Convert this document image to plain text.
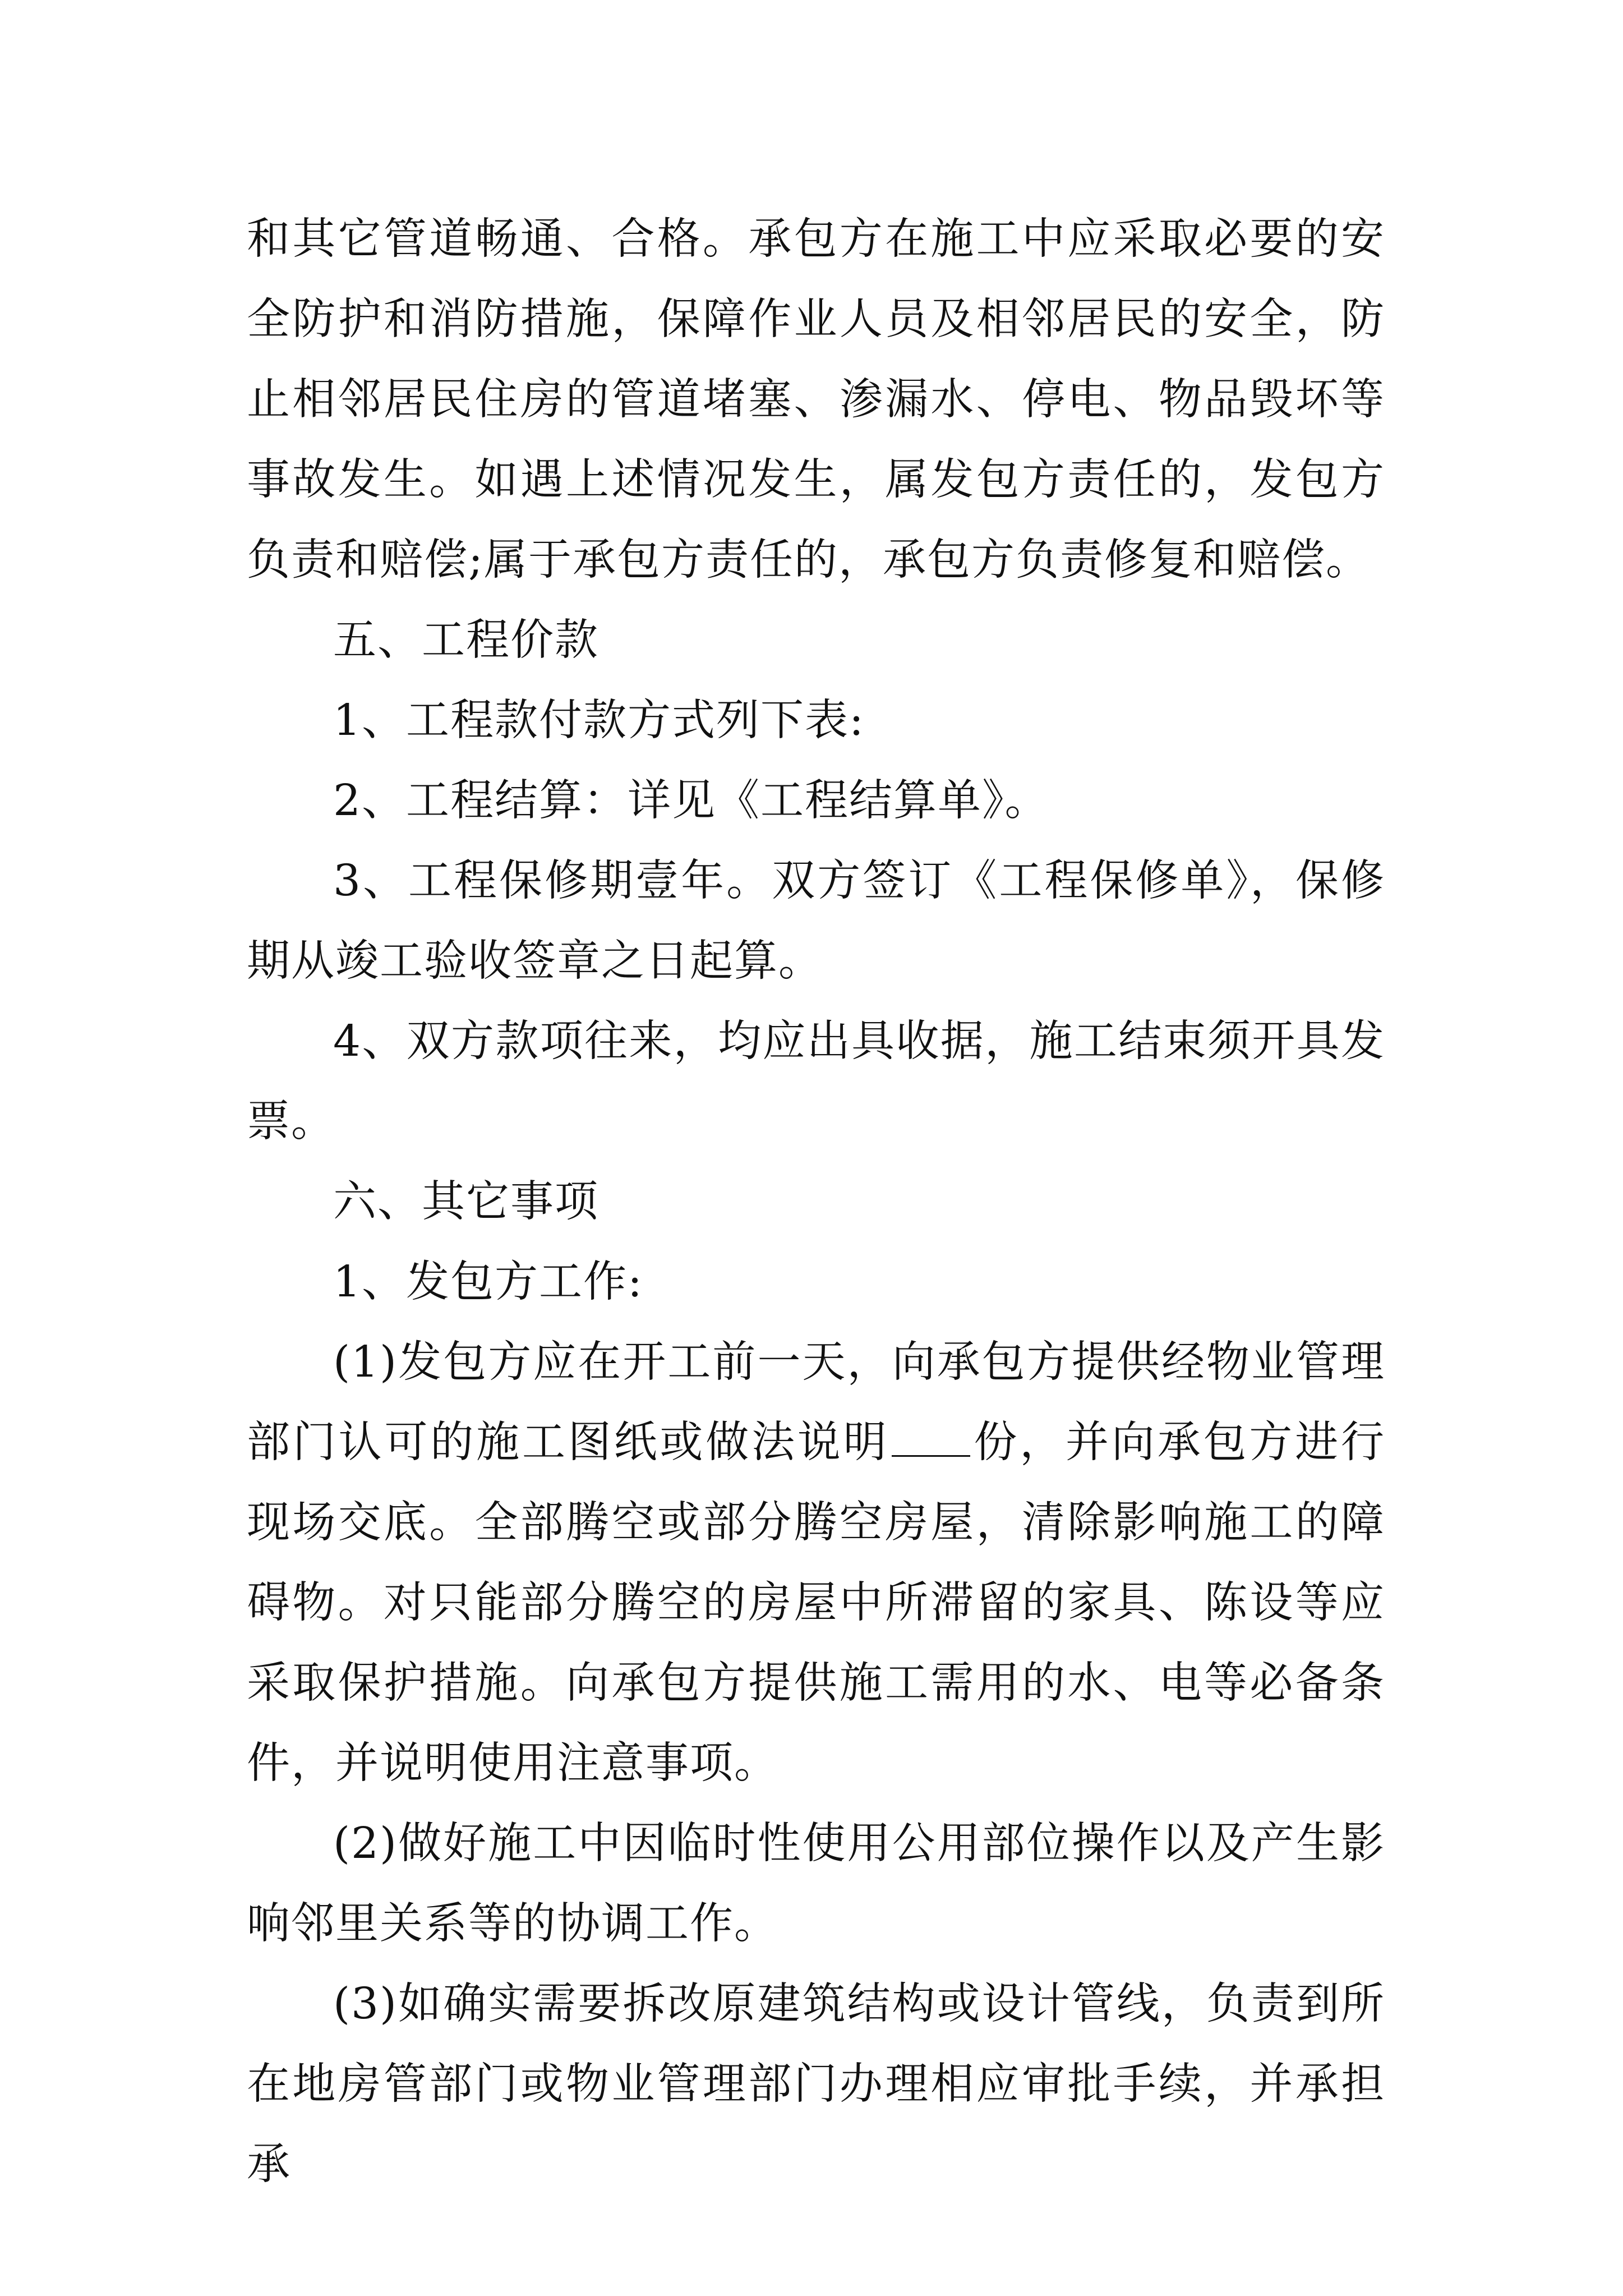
和其它管道畅通、合格。承包方在施工中应采取必要的安全防护和消防措施，保障作业人员及相邻居民的安全，防止相邻居民住房的管道堵塞、渗漏水、停电、物品毁坏等事故发生。如遇上述情况发生，属发包方责任的，发包方负责和赔偿;属于承包方责任的，承包方负责修复和赔偿。

五、工程价款

1、工程款付款方式列下表:

2、工程结算：详见《工程结算单》。

3、工程保修期壹年。双方签订《工程保修单》，保修期从竣工验收签章之日起算。

4、双方款项往来，均应出具收据，施工结束须开具发票。

六、其它事项

1、发包方工作:

(1)发包方应在开工前一天，向承包方提供经物业管理部门认可的施工图纸或做法说明 份，并向承包方进行现场交底。全部腾空或部分腾空房屋，清除影响施工的障碍物。对只能部分腾空的房屋中所滞留的家具、陈设等应采取保护措施。向承包方提供施工需用的水、电等必备条件，并说明使用注意事项。

(2)做好施工中因临时性使用公用部位操作以及产生影响邻里关系等的协调工作。

(3)如确实需要拆改原建筑结构或设计管线，负责到所在地房管部门或物业管理部门办理相应审批手续，并承担承
